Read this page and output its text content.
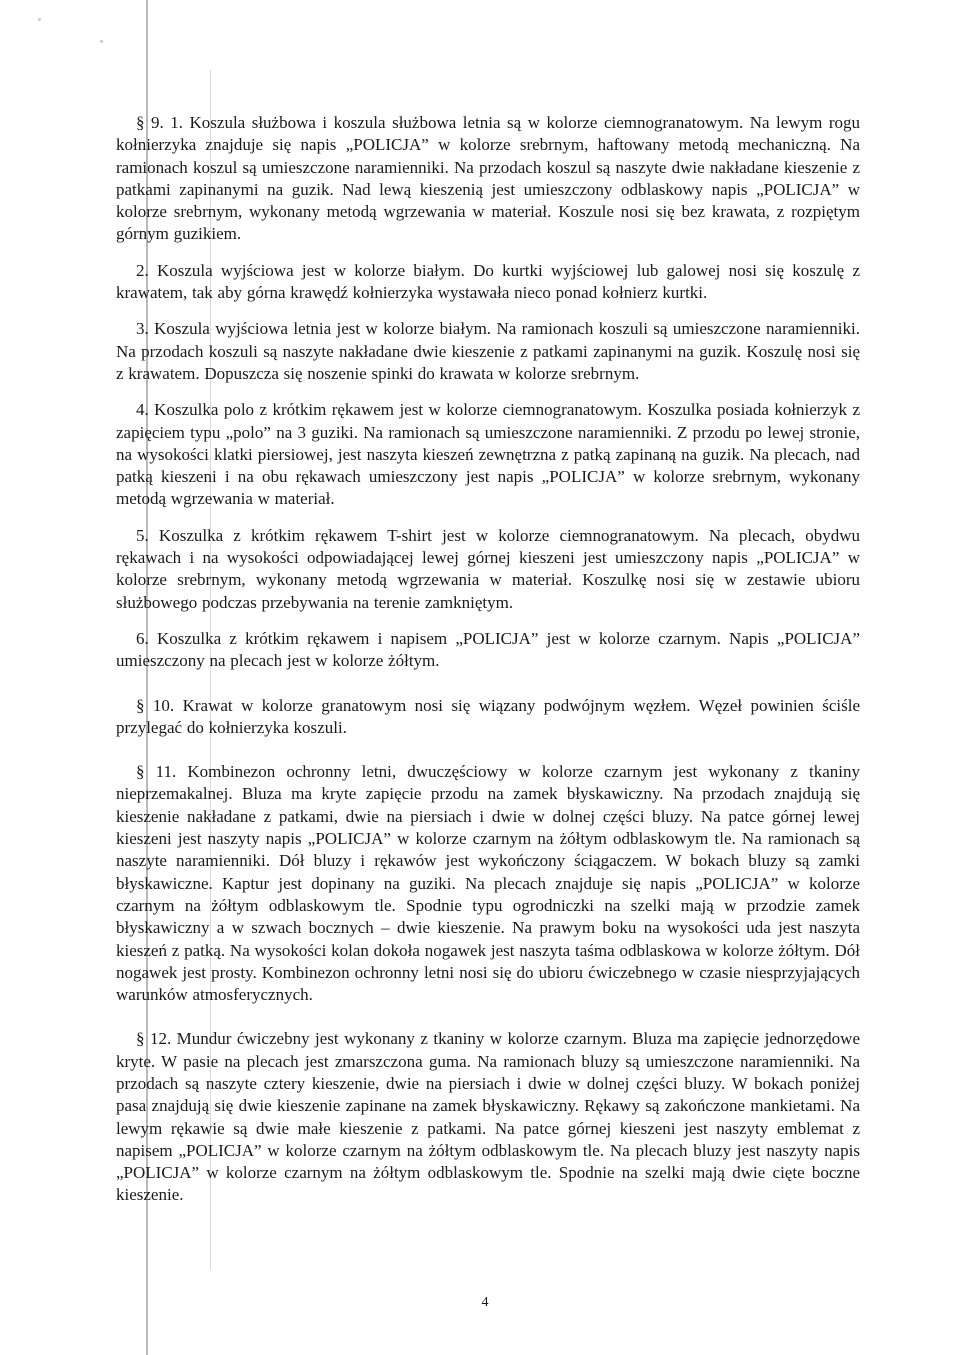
§ 9. 1. Koszula służbowa i koszula służbowa letnia są w kolorze ciemnogranatowym. Na lewym rogu kołnierzyka znajduje się napis „POLICJA” w kolorze srebrnym, haftowany metodą mechaniczną. Na ramionach koszul są umieszczone naramienniki. Na przodach koszul są naszyte dwie nakładane kieszenie z patkami zapinanymi na guzik. Nad lewą kieszenią jest umieszczony odblaskowy napis „POLICJA” w kolorze srebrnym, wykonany metodą wgrzewania w materiał. Koszule nosi się bez krawata, z rozpiętym górnym guzikiem.

2. Koszula wyjściowa jest w kolorze białym. Do kurtki wyjściowej lub galowej nosi się koszulę z krawatem, tak aby górna krawędź kołnierzyka wystawała nieco ponad kołnierz kurtki.

3. Koszula wyjściowa letnia jest w kolorze białym. Na ramionach koszuli są umieszczone naramienniki. Na przodach koszuli są naszyte nakładane dwie kieszenie z patkami zapinanymi na guzik. Koszulę nosi się z krawatem. Dopuszcza się noszenie spinki do krawata w kolorze srebrnym.

4. Koszulka polo z krótkim rękawem jest w kolorze ciemnogranatowym. Koszulka posiada kołnierzyk z zapięciem typu „polo” na 3 guziki. Na ramionach są umieszczone naramienniki. Z przodu po lewej stronie, na wysokości klatki piersiowej, jest naszyta kieszeń zewnętrzna z patką zapinaną na guzik. Na plecach, nad patką kieszeni i na obu rękawach umieszczony jest napis „POLICJA” w kolorze srebrnym, wykonany metodą wgrzewania w materiał.

5. Koszulka z krótkim rękawem T-shirt jest w kolorze ciemnogranatowym. Na plecach, obydwu rękawach i na wysokości odpowiadającej lewej górnej kieszeni jest umieszczony napis „POLICJA” w kolorze srebrnym, wykonany metodą wgrzewania w materiał. Koszulkę nosi się w zestawie ubioru służbowego podczas przebywania na terenie zamkniętym.

6. Koszulka z krótkim rękawem i napisem „POLICJA” jest w kolorze czarnym. Napis „POLICJA” umieszczony na plecach jest w kolorze żółtym.

§ 10. Krawat w kolorze granatowym nosi się wiązany podwójnym węzłem. Węzeł powinien ściśle przylegać do kołnierzyka koszuli.

§ 11. Kombinezon ochronny letni, dwuczęściowy w kolorze czarnym jest wykonany z tkaniny nieprzemakalnej. Bluza ma kryte zapięcie przodu na zamek błyskawiczny. Na przodach znajdują się kieszenie nakładane z patkami, dwie na piersiach i dwie w dolnej części bluzy. Na patce górnej lewej kieszeni jest naszyty napis „POLICJA” w kolorze czarnym na żółtym odblaskowym tle. Na ramionach są naszyte naramienniki. Dół bluzy i rękawów jest wykończony ściągaczem. W bokach bluzy są zamki błyskawiczne. Kaptur jest dopinany na guziki. Na plecach znajduje się napis „POLICJA” w kolorze czarnym na żółtym odblaskowym tle. Spodnie typu ogrodniczki na szelki mają w przodzie zamek błyskawiczny a w szwach bocznych – dwie kieszenie. Na prawym boku na wysokości uda jest naszyta kieszeń z patką. Na wysokości kolan dokoła nogawek jest naszyta taśma odblaskowa w kolorze żółtym. Dół nogawek jest prosty. Kombinezon ochronny letni nosi się do ubioru ćwiczebnego w czasie niesprzyjających warunków atmosferycznych.

§ 12. Mundur ćwiczebny jest wykonany z tkaniny w kolorze czarnym. Bluza ma zapięcie jednorzędowe kryte. W pasie na plecach jest zmarszczona guma. Na ramionach bluzy są umieszczone naramienniki. Na przodach są naszyte cztery kieszenie, dwie na piersiach i dwie w dolnej części bluzy. W bokach poniżej pasa znajdują się dwie kieszenie zapinane na zamek błyskawiczny. Rękawy są zakończone mankietami. Na lewym rękawie są dwie małe kieszenie z patkami. Na patce górnej kieszeni jest naszyty emblemat z napisem „POLICJA” w kolorze czarnym na żółtym odblaskowym tle. Na plecach bluzy jest naszyty napis „POLICJA” w kolorze czarnym na żółtym odblaskowym tle. Spodnie na szelki mają dwie cięte boczne kieszenie.

4
